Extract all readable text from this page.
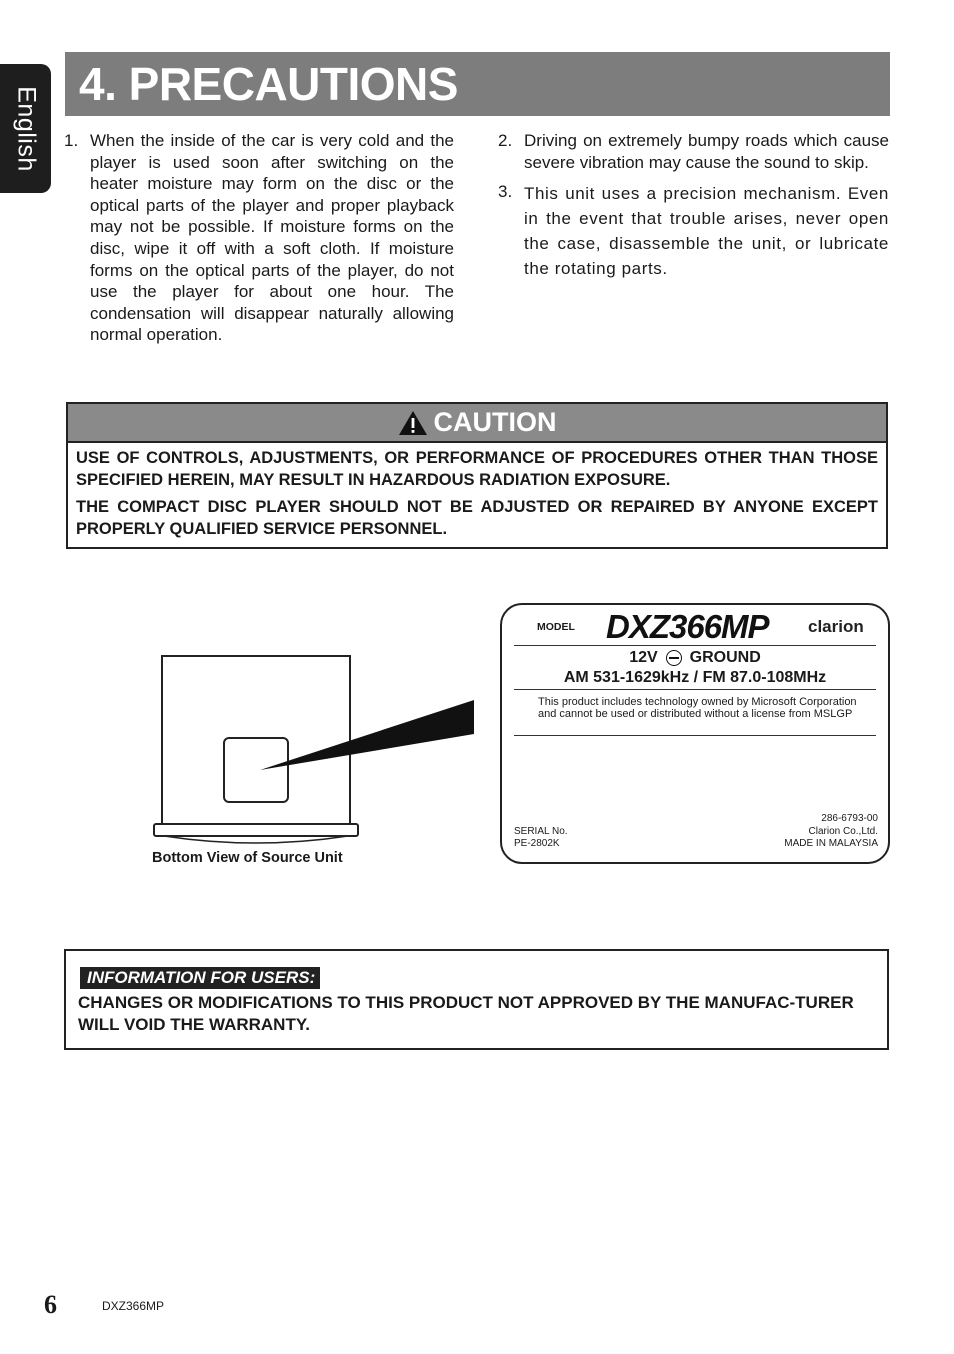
English
4. PRECAUTIONS
1. When the inside of the car is very cold and the player is used soon after switching on the heater moisture may form on the disc or the optical parts of the player and proper playback may not be possible. If moisture forms on the disc, wipe it off with a soft cloth. If moisture forms on the optical parts of the player, do not use the player for about one hour. The condensation will disappear naturally allowing normal operation.
2. Driving on extremely bumpy roads which cause severe vibration may cause the sound to skip.
3. This unit uses a precision mechanism. Even in the event that trouble arises, never open the case, disassemble the unit, or lubricate the rotating parts.
CAUTION

USE OF CONTROLS, ADJUSTMENTS, OR PERFORMANCE OF PROCEDURES OTHER THAN THOSE SPECIFIED HEREIN, MAY RESULT IN HAZARDOUS RADIATION EXPOSURE.

THE COMPACT DISC PLAYER SHOULD NOT BE ADJUSTED OR REPAIRED BY ANYONE EXCEPT PROPERLY QUALIFIED SERVICE PERSONNEL.

Bottom View of Source Unit
MODEL DXZ366MP clarion
12V GROUND
AM 531-1629kHz / FM 87.0-108MHz
This product includes technology owned by Microsoft Corporation and cannot be used or distributed without a license from MSLGP
SERIAL No.
PE-2802K
286-6793-00
Clarion Co.,Ltd.
MADE IN MALAYSIA
INFORMATION FOR USERS:
CHANGES OR MODIFICATIONS TO THIS PRODUCT NOT APPROVED BY THE MANUFAC-TURER WILL VOID THE WARRANTY.
6	DXZ366MP
